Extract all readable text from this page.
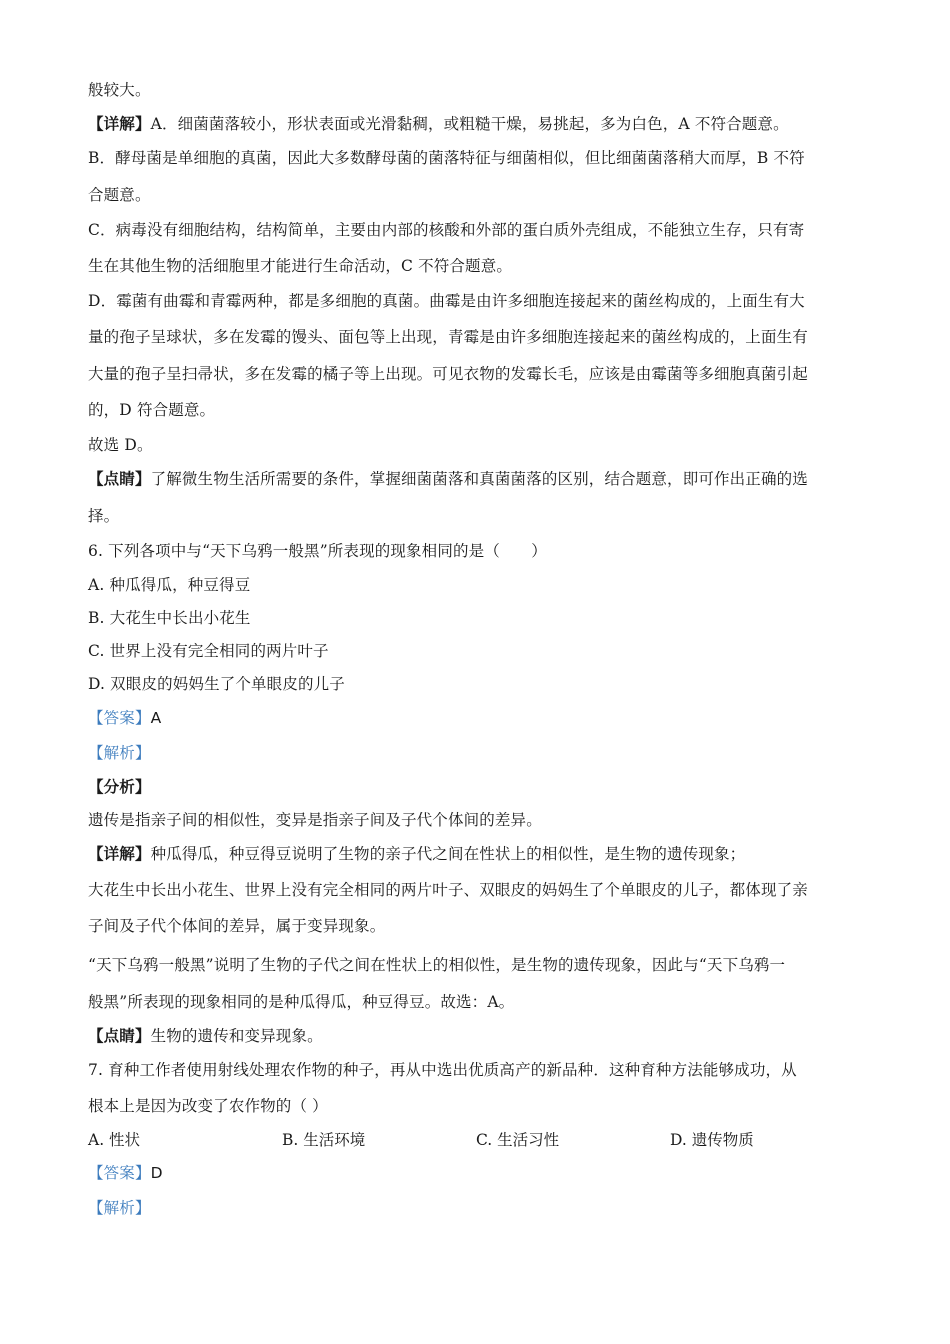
般较大。
【详解】A．细菌菌落较小，形状表面或光滑黏稠，或粗糙干燥，易挑起，多为白色，A 不符合题意。
B．酵母菌是单细胞的真菌，因此大多数酵母菌的菌落特征与细菌相似，但比细菌菌落稍大而厚，B 不符
合题意。
C．病毒没有细胞结构，结构简单，主要由内部的核酸和外部的蛋白质外壳组成，不能独立生存，只有寄
生在其他生物的活细胞里才能进行生命活动，C 不符合题意。
D．霉菌有曲霉和青霉两种，都是多细胞的真菌。曲霉是由许多细胞连接起来的菌丝构成的，上面生有大
量的孢子呈球状，多在发霉的馒头、面包等上出现，青霉是由许多细胞连接起来的菌丝构成的，上面生有
大量的孢子呈扫帚状，多在发霉的橘子等上出现。可见衣物的发霉长毛，应该是由霉菌等多细胞真菌引起
的，D 符合题意。
故选 D。
【点睛】了解微生物生活所需要的条件，掌握细菌菌落和真菌菌落的区别，结合题意，即可作出正确的选
择。
6. 下列各项中与“天下乌鸦一般黑”所表现的现象相同的是（　　）
A. 种瓜得瓜，种豆得豆
B. 大花生中长出小花生
C. 世界上没有完全相同的两片叶子
D. 双眼皮的妈妈生了个单眼皮的儿子
【答案】A
【解析】
【分析】
遗传是指亲子间的相似性，变异是指亲子间及子代个体间的差异。
【详解】种瓜得瓜，种豆得豆说明了生物的亲子代之间在性状上的相似性，是生物的遗传现象；
大花生中长出小花生、世界上没有完全相同的两片叶子、双眼皮的妈妈生了个单眼皮的儿子，都体现了亲
子间及子代个体间的差异，属于变异现象。
“天下乌鸦一般黑”说明了生物的子代之间在性状上的相似性，是生物的遗传现象，因此与“天下乌鸦一
般黑”所表现的现象相同的是种瓜得瓜，种豆得豆。故选：A。
【点睛】生物的遗传和变异现象。
7. 育种工作者使用射线处理农作物的种子，再从中选出优质高产的新品种．这种育种方法能够成功，从
根本上是因为改变了农作物的（ ）
A. 性状	B. 生活环境	C. 生活习性	D. 遗传物质
【答案】D
【解析】
